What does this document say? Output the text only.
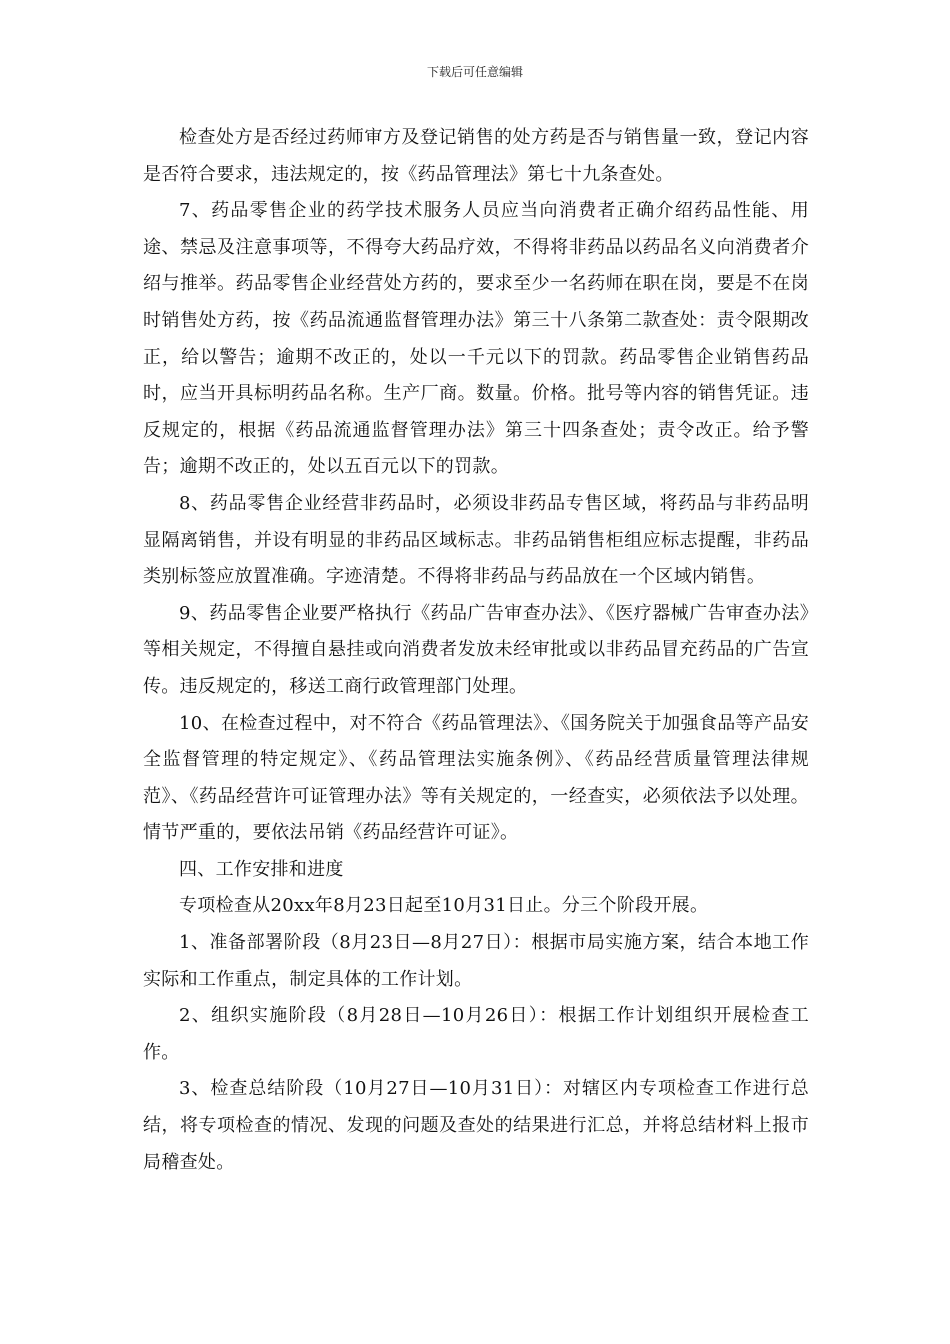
下载后可任意编辑

检查处方是否经过药师审方及登记销售的处方药是否与销售量一致，登记内容是否符合要求，违法规定的，按《药品管理法》第七十九条查处。

7、药品零售企业的药学技术服务人员应当向消费者正确介绍药品性能、用途、禁忌及注意事项等，不得夸大药品疗效，不得将非药品以药品名义向消费者介绍与推举。药品零售企业经营处方药的，要求至少一名药师在职在岗，要是不在岗时销售处方药，按《药品流通监督管理办法》第三十八条第二款查处：责令限期改正，给以警告；逾期不改正的，处以一千元以下的罚款。药品零售企业销售药品时，应当开具标明药品名称。生产厂商。数量。价格。批号等内容的销售凭证。违反规定的，根据《药品流通监督管理办法》第三十四条查处；责令改正。给予警告；逾期不改正的，处以五百元以下的罚款。

8、药品零售企业经营非药品时，必须设非药品专售区域，将药品与非药品明显隔离销售，并设有明显的非药品区域标志。非药品销售柜组应标志提醒，非药品类别标签应放置准确。字迹清楚。不得将非药品与药品放在一个区域内销售。

9、药品零售企业要严格执行《药品广告审查办法》、《医疗器械广告审查办法》等相关规定，不得擅自悬挂或向消费者发放未经审批或以非药品冒充药品的广告宣传。违反规定的，移送工商行政管理部门处理。

10、在检查过程中，对不符合《药品管理法》、《国务院关于加强食品等产品安全监督管理的特定规定》、《药品管理法实施条例》、《药品经营质量管理法律规范》、《药品经营许可证管理办法》等有关规定的，一经查实，必须依法予以处理。情节严重的，要依法吊销《药品经营许可证》。

四、工作安排和进度

专项检查从20xx年8月23日起至10月31日止。分三个阶段开展。

1、准备部署阶段（8月23日—8月27日）：根据市局实施方案，结合本地工作实际和工作重点，制定具体的工作计划。

2、组织实施阶段（8月28日—10月26日）：根据工作计划组织开展检查工作。

3、检查总结阶段（10月27日—10月31日）：对辖区内专项检查工作进行总结，将专项检查的情况、发现的问题及查处的结果进行汇总，并将总结材料上报市局稽查处。
